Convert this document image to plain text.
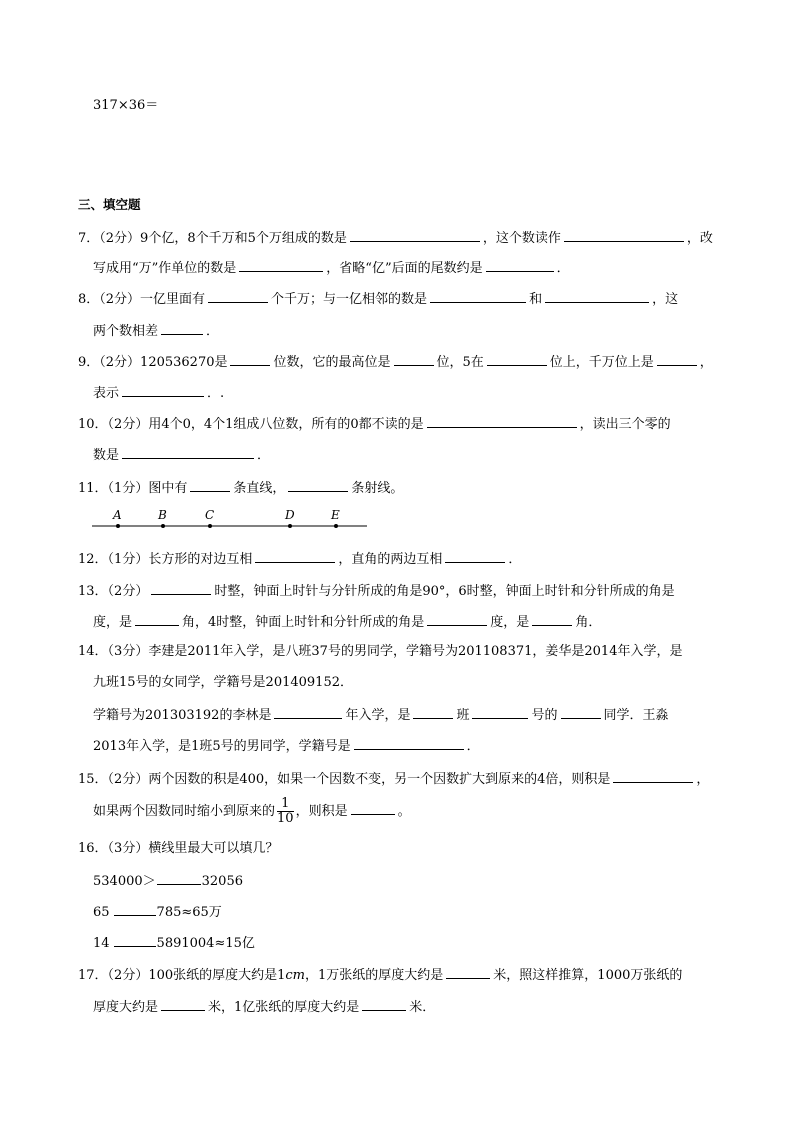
317×36＝
三、填空题
7．（2分）9个亿，8个千万和5个万组成的数是	，这个数读作	，改
写成用“万”作单位的数是	，省略“亿”后面的尾数约是	．
8．（2分）一亿里面有	个千万；与一亿相邻的数是	和	，这
两个数相差	．
9．（2分）120536270是	位数，它的最高位是	位，5在	位上，千万位上是	，
表示	．.
10．（2分）用4个0，4个1组成八位数，所有的0都不读的是	，读出三个零的
数是	．
11．（1分）图中有	条直线，	条射线。
A	B	C	D	E
12．（1分）长方形的对边互相	，直角的两边互相	．
13．（2分）	时整，钟面上时针与分针所成的角是90°，6时整，钟面上时针和分针所成的角是
度，是	角，4时整，钟面上时针和分针所成的角是	度，是	角．
14．（3分）李建是2011年入学，是八班37号的男同学，学籍号为201108371，姜华是2014年入学，是
九班15号的女同学，学籍号是201409152．
学籍号为201303192的李林是	年入学，是	班	号的	同学．王淼
2013年入学，是1班5号的男同学，学籍号是	．
15．（2分）两个因数的积是400，如果一个因数不变，另一个因数扩大到原来的4倍，则积是	，
如果两个因数同时缩小到原来的 $\frac{1}{10}$ ，则积是	。
16．（3分）横线里最大可以填几？
534000＞	32056
65	785≈65万
14	5891004≈15亿
17．（2分）100张纸的厚度大约是1cm，1万张纸的厚度大约是	米，照这样推算，1000万张纸的
厚度大约是	米，1亿张纸的厚度大约是	米．
